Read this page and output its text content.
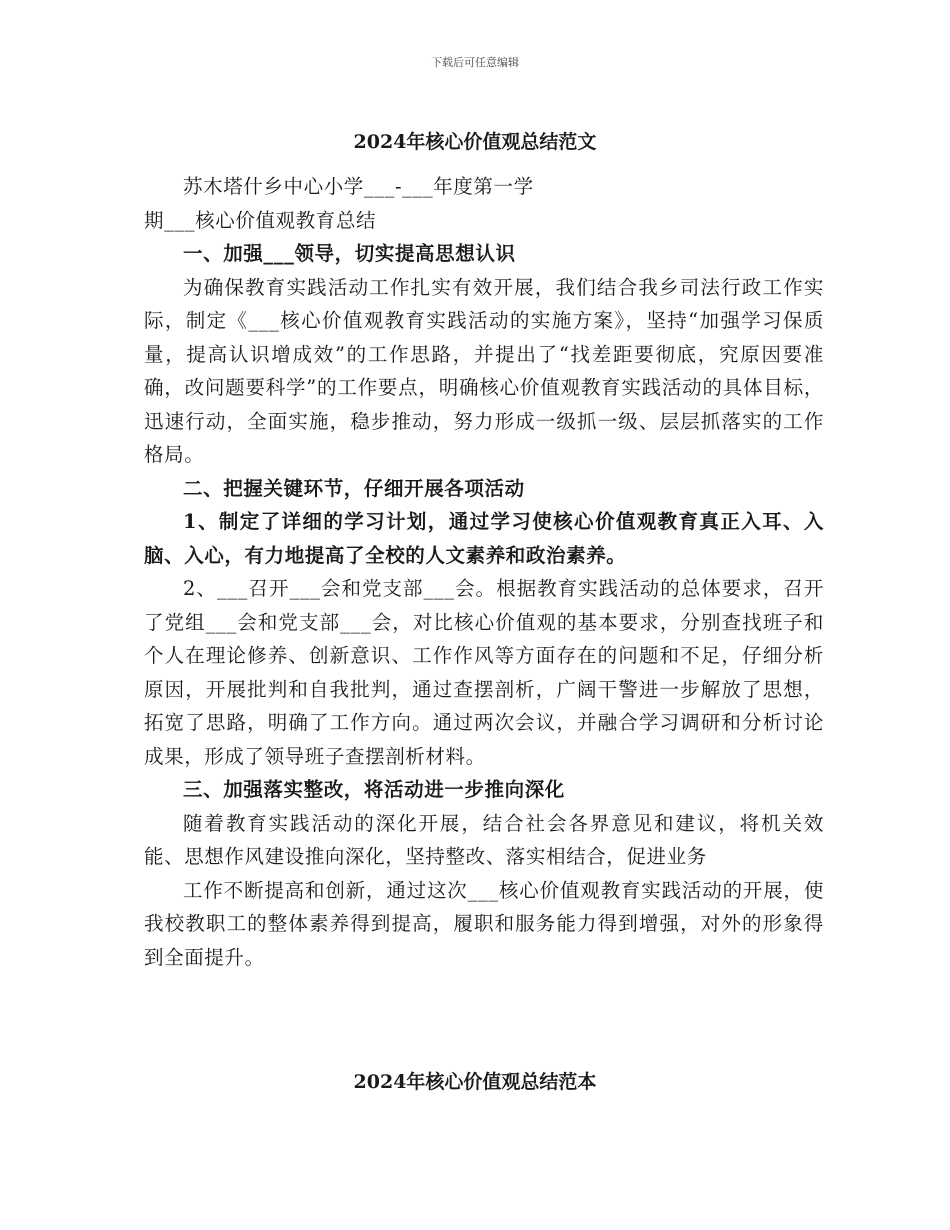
下载后可任意编辑
2024年核心价值观总结范文

苏木塔什乡中心小学___-___年度第一学

期___核心价值观教育总结

一、加强___领导，切实提高思想认识

为确保教育实践活动工作扎实有效开展，我们结合我乡司法行政工作实际，制定《___核心价值观教育实践活动的实施方案》，坚持“加强学习保质量，提高认识增成效”的工作思路，并提出了“找差距要彻底，究原因要准确，改问题要科学”的工作要点，明确核心价值观教育实践活动的具体目标，迅速行动，全面实施，稳步推动，努力形成一级抓一级、层层抓落实的工作格局。

二、把握关键环节，仔细开展各项活动

1、制定了详细的学习计划，通过学习使核心价值观教育真正入耳、入脑、入心，有力地提高了全校的人文素养和政治素养。

2、___召开___会和党支部___会。根据教育实践活动的总体要求，召开了党组___会和党支部___会，对比核心价值观的基本要求，分别查找班子和个人在理论修养、创新意识、工作作风等方面存在的问题和不足，仔细分析原因，开展批判和自我批判，通过查摆剖析，广阔干警进一步解放了思想，拓宽了思路，明确了工作方向。通过两次会议，并融合学习调研和分析讨论成果，形成了领导班子查摆剖析材料。

三、加强落实整改，将活动进一步推向深化

随着教育实践活动的深化开展，结合社会各界意见和建议，将机关效能、思想作风建设推向深化，坚持整改、落实相结合，促进业务

工作不断提高和创新，通过这次___核心价值观教育实践活动的开展，使我校教职工的整体素养得到提高，履职和服务能力得到增强，对外的形象得到全面提升。

2024年核心价值观总结范本
